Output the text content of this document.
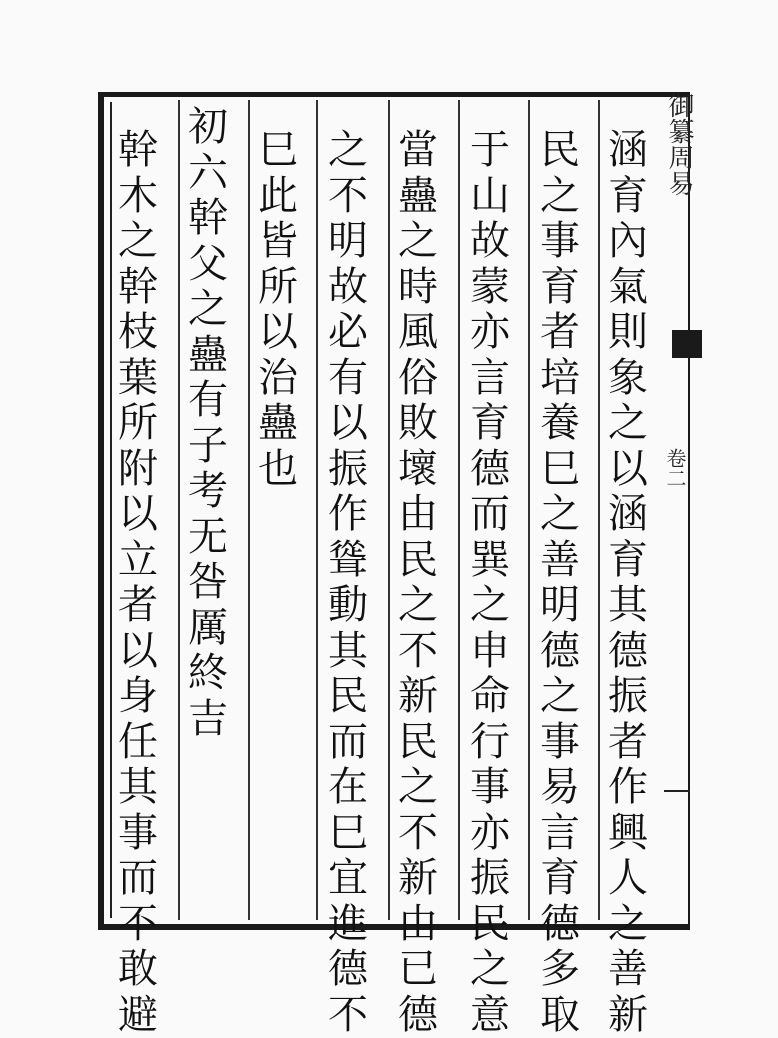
御纂周易
卷二
涵
育
內
氣
則
象
之
以
涵
育
其
德
振
者
作
興
人
之
善
新
民
之
事
育
者
培
養
巳
之
善
明
德
之
事
易
言
育
德
多
取
于
山
故
蒙
亦
言
育
德
而
巽
之
申
命
行
事
亦
振
民
之
意
當
蠱
之
時
風
俗
敗
壞
由
民
之
不
新
民
之
不
新
由
已
德
之
不
明
故
必
有
以
振
作
聳
動
其
民
而
在
巳
宜
進
德
不
巳
此
皆
所
以
治
蠱
也
初
六
幹
父
之
蠱
有
子
考
无
咎
厲
終
吉
幹
木
之
幹
枝
葉
所
附
以
立
者
以
身
任
其
事
而
不
敢
避
